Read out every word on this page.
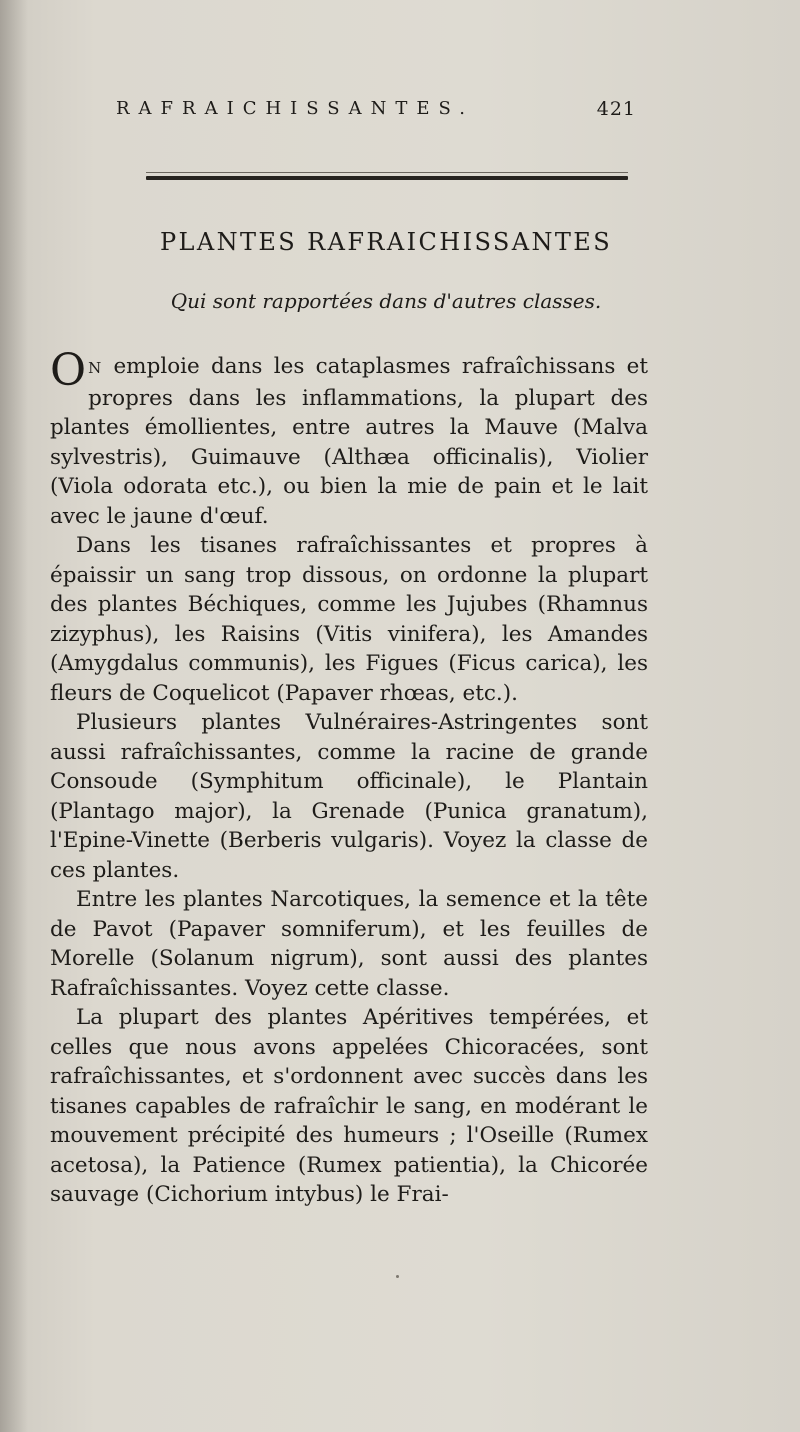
RAFRAICHISSANTES.	421
PLANTES RAFRAICHISSANTES
Qui sont rapportées dans d'autres classes.

O N emploie dans les cataplasmes rafraîchissans et propres dans les inflammations, la plupart des plantes émollientes, entre autres la Mauve (Malva sylvestris), Guimauve (Althæa officinalis), Violier (Viola odorata etc.), ou bien la mie de pain et le lait avec le jaune d'œuf.

Dans les tisanes rafraîchissantes et propres à épaissir un sang trop dissous, on ordonne la plupart des plantes Béchiques, comme les Jujubes (Rhamnus zizyphus), les Raisins (Vitis vinifera), les Amandes (Amygdalus communis), les Figues (Ficus carica), les fleurs de Coquelicot (Papaver rhœas, etc.).

Plusieurs plantes Vulnéraires-Astringentes sont aussi rafraîchissantes, comme la racine de grande Consoude (Symphitum officinale), le Plantain (Plantago major), la Grenade (Punica granatum), l'Epine-Vinette (Berberis vulgaris). Voyez la classe de ces plantes.

Entre les plantes Narcotiques, la semence et la tête de Pavot (Papaver somniferum), et les feuilles de Morelle (Solanum nigrum), sont aussi des plantes Rafraîchissantes. Voyez cette classe.

La plupart des plantes Apéritives tempérées, et celles que nous avons appelées Chicoracées, sont rafraîchissantes, et s'ordonnent avec succès dans les tisanes capables de rafraîchir le sang, en modérant le mouvement précipité des humeurs ; l'Oseille (Rumex acetosa), la Patience (Rumex patientia), la Chicorée sauvage (Cichorium intybus) le Frai-
